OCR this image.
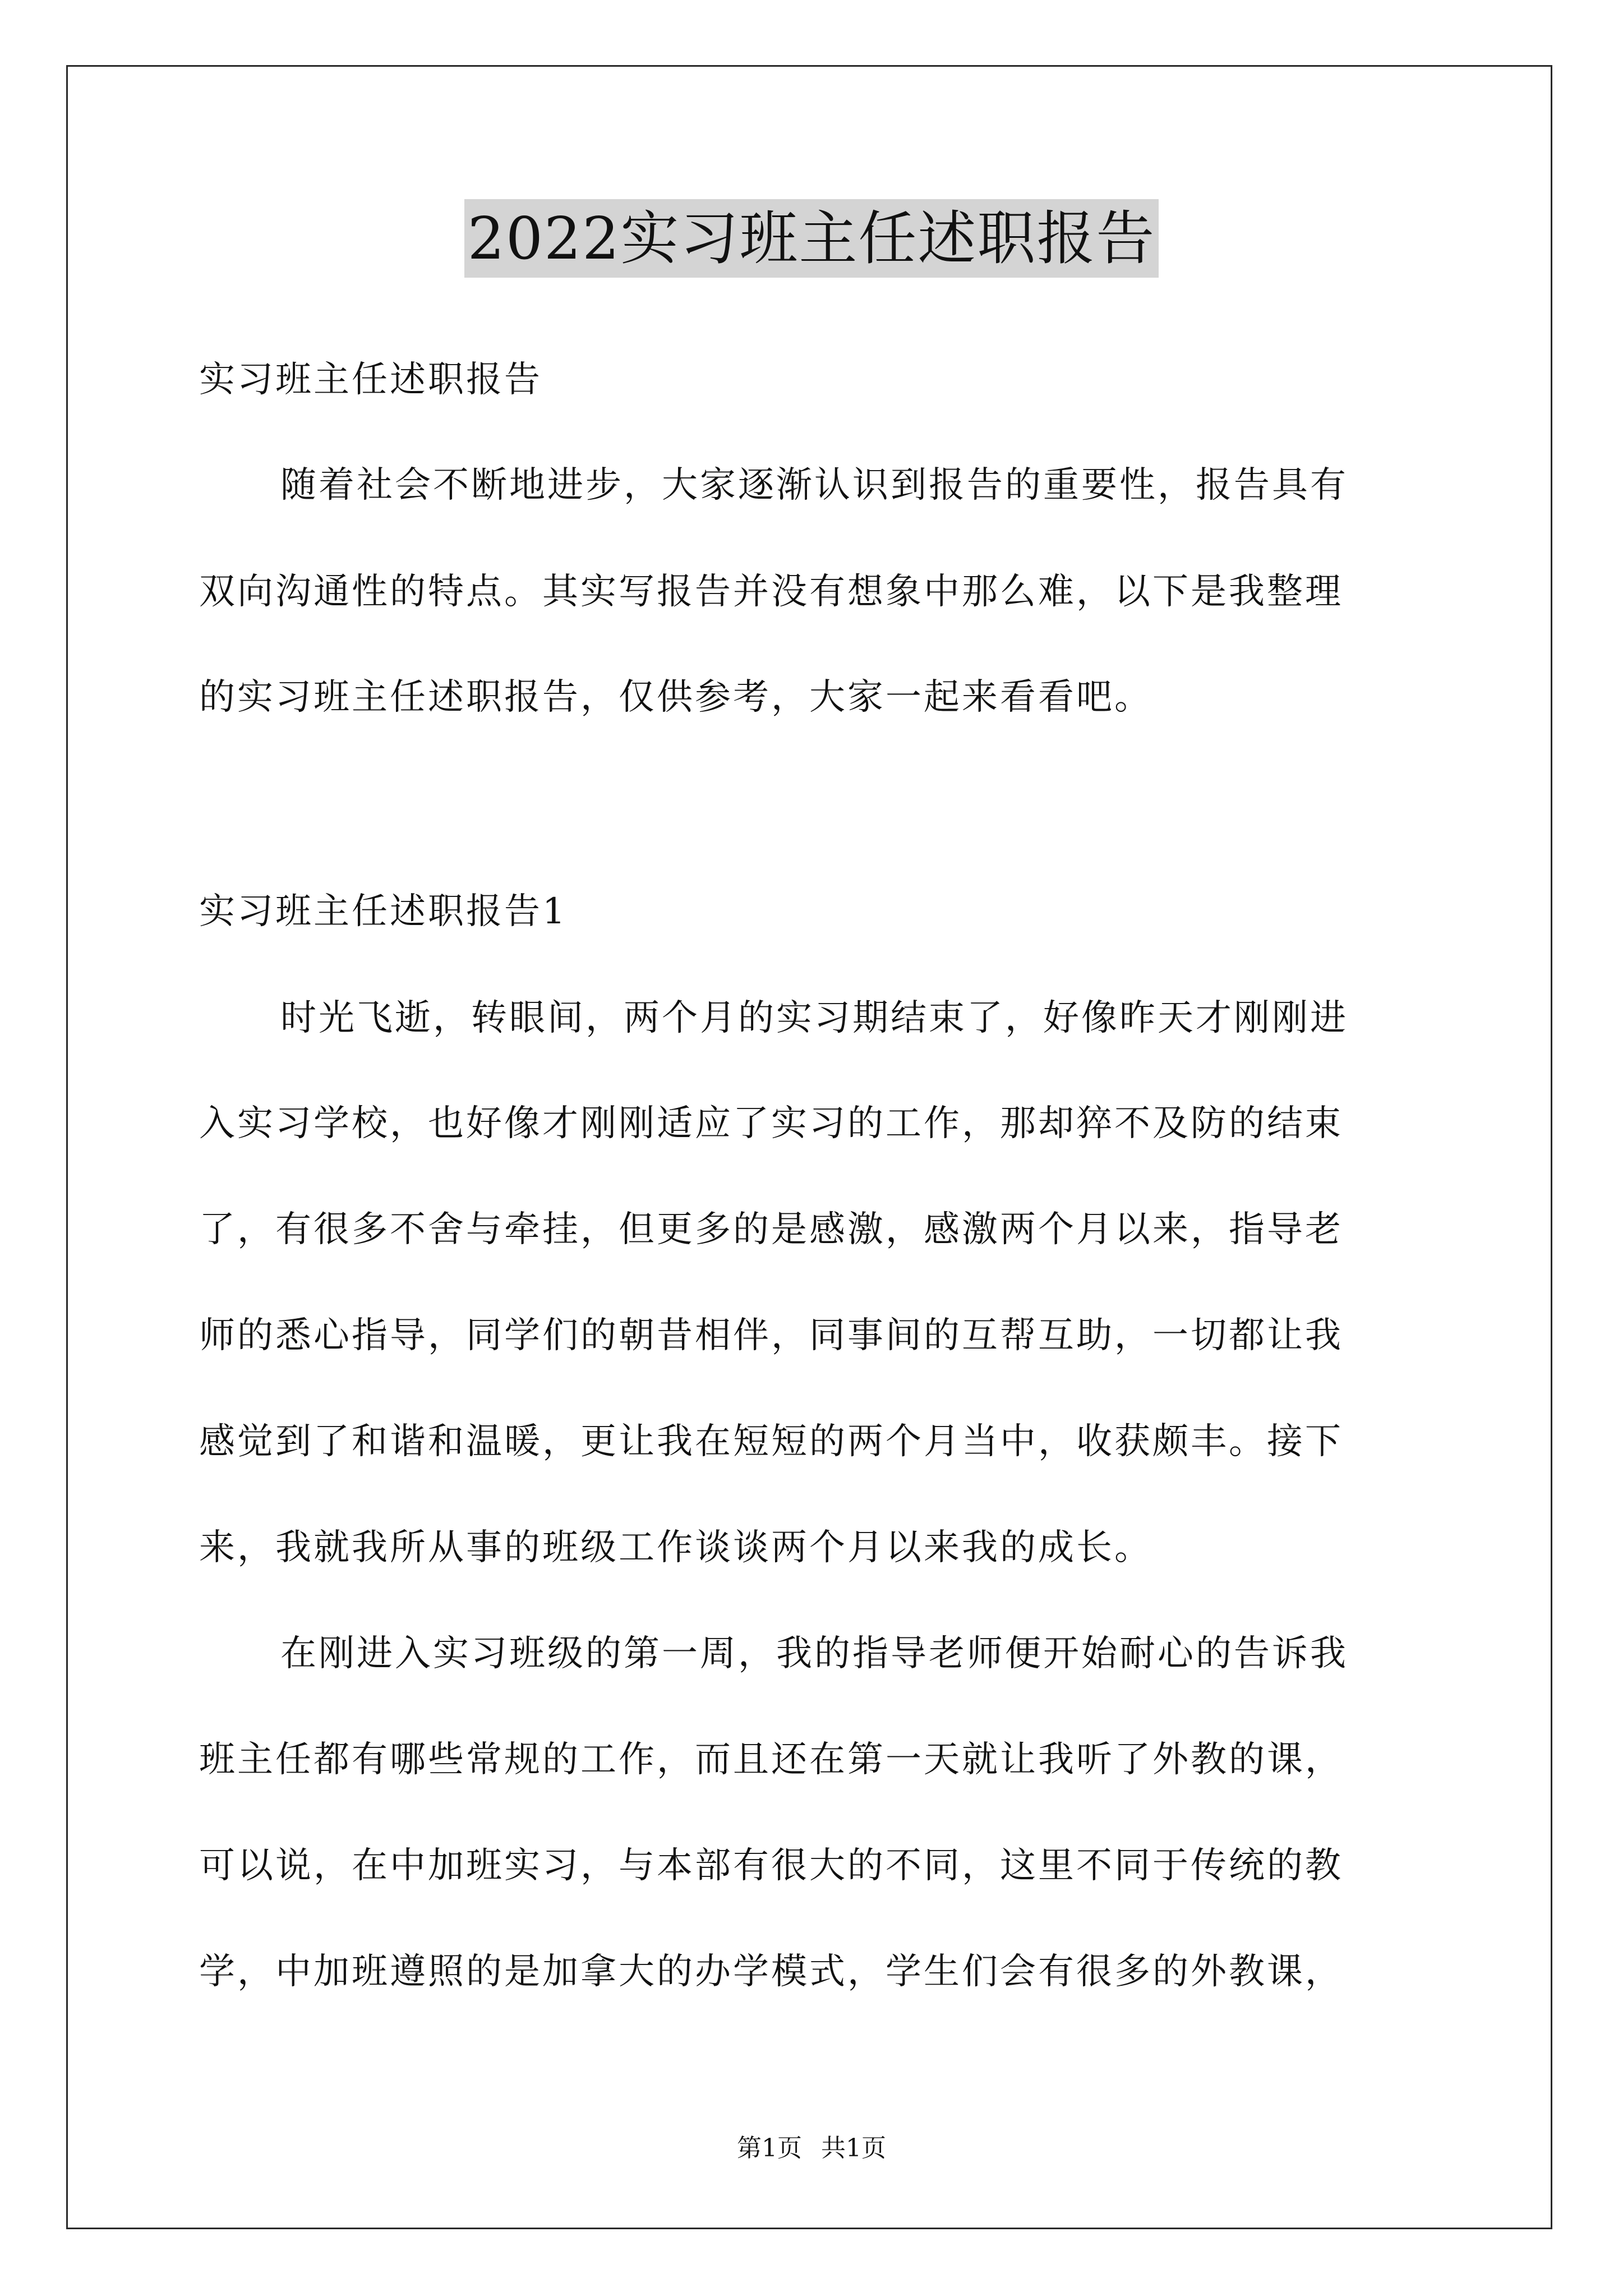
2022实习班主任述职报告
实习班主任述职报告
随着社会不断地进步，大家逐渐认识到报告的重要性，报告具有
双向沟通性的特点。其实写报告并没有想象中那么难，以下是我整理
的实习班主任述职报告，仅供参考，大家一起来看看吧。
实习班主任述职报告1
时光飞逝，转眼间，两个月的实习期结束了，好像昨天才刚刚进
入实习学校，也好像才刚刚适应了实习的工作，那却猝不及防的结束
了，有很多不舍与牵挂，但更多的是感激，感激两个月以来，指导老
师的悉心指导，同学们的朝昔相伴，同事间的互帮互助，一切都让我
感觉到了和谐和温暖，更让我在短短的两个月当中，收获颇丰。接下
来，我就我所从事的班级工作谈谈两个月以来我的成长。
在刚进入实习班级的第一周，我的指导老师便开始耐心的告诉我
班主任都有哪些常规的工作，而且还在第一天就让我听了外教的课，
可以说，在中加班实习，与本部有很大的不同，这里不同于传统的教
学，中加班遵照的是加拿大的办学模式，学生们会有很多的外教课，
第1页 共1页
